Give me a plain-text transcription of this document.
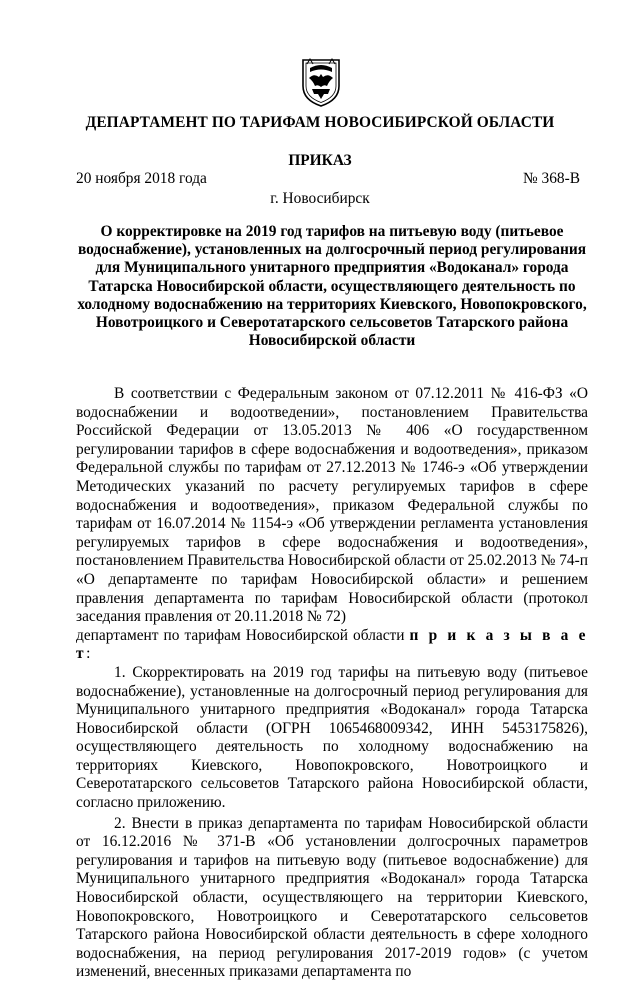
ДЕПАРТАМЕНТ ПО ТАРИФАМ НОВОСИБИРСКОЙ ОБЛАСТИ
ПРИКАЗ
20 ноября 2018 года	№ 368-В
г. Новосибирск
О корректировке на 2019 год тарифов на питьевую воду (питьевое водоснабжение), установленных на долгосрочный период регулирования для Муниципального унитарного предприятия «Водоканал» города Татарска Новосибирской области, осуществляющего деятельность по холодному водоснабжению на территориях Киевского, Новопокровского, Новотроицкого и Северотатарского сельсоветов Татарского района Новосибирской области

В соответствии с Федеральным законом от 07.12.2011 № 416-ФЗ «О водоснабжении и водоотведении», постановлением Правительства Российской Федерации от 13.05.2013 № 406 «О государственном регулировании тарифов в сфере водоснабжения и водоотведения», приказом Федеральной службы по тарифам от 27.12.2013 № 1746-э «Об утверждении Методических указаний по расчету регулируемых тарифов в сфере водоснабжения и водоотведения», приказом Федеральной службы по тарифам от 16.07.2014 № 1154-э «Об утверждении регламента установления регулируемых тарифов в сфере водоснабжения и водоотведения», постановлением Правительства Новосибирской области от 25.02.2013 № 74-п «О департаменте по тарифам Новосибирской области» и решением правления департамента по тарифам Новосибирской области (протокол заседания правления от 20.11.2018 № 72)

департамент по тарифам Новосибирской области п р и к а з ы в а е т:

1. Скорректировать на 2019 год тарифы на питьевую воду (питьевое водоснабжение), установленные на долгосрочный период регулирования для Муниципального унитарного предприятия «Водоканал» города Татарска Новосибирской области (ОГРН 1065468009342, ИНН 5453175826), осуществляющего деятельность по холодному водоснабжению на территориях Киевского, Новопокровского, Новотроицкого и Северотатарского сельсоветов Татарского района Новосибирской области, согласно приложению.

2. Внести в приказ департамента по тарифам Новосибирской области от 16.12.2016 № 371-В «Об установлении долгосрочных параметров регулирования и тарифов на питьевую воду (питьевое водоснабжение) для Муниципального унитарного предприятия «Водоканал» города Татарска Новосибирской области, осуществляющего на территории Киевского, Новопокровского, Новотроицкого и Северотатарского сельсоветов Татарского района Новосибирской области деятельность в сфере холодного водоснабжения, на период регулирования 2017-2019 годов» (с учетом изменений, внесенных приказами департамента по
